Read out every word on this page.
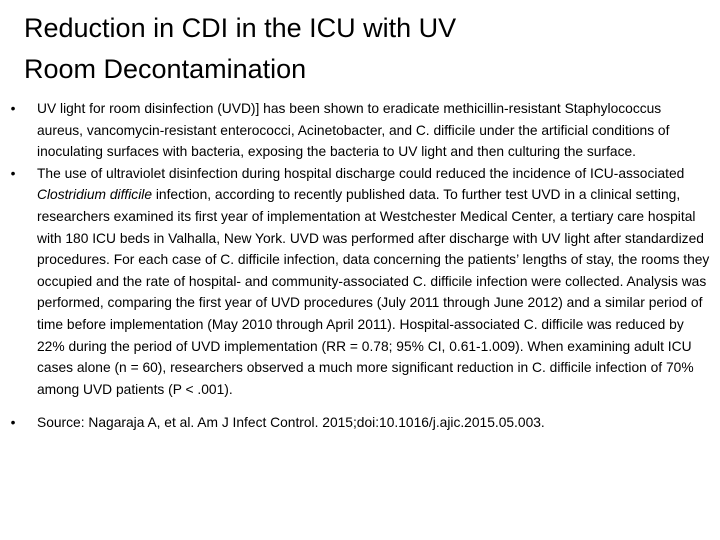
Reduction in CDI in the ICU with UV
Room Decontamination
•	UV light for room disinfection (UVD)] has been shown to eradicate methicillin-resistant Staphylococcus aureus, vancomycin-resistant enterococci, Acinetobacter, and C. difficile under the artificial conditions of inoculating surfaces with bacteria, exposing the bacteria to UV light and then culturing the surface.
•	The use of ultraviolet disinfection during hospital discharge could reduced the incidence of ICU-associated Clostridium difficile infection, according to recently published data. To further test UVD in a clinical setting, researchers examined its first year of implementation at Westchester Medical Center, a tertiary care hospital with 180 ICU beds in Valhalla, New York. UVD was performed after discharge with UV light after standardized procedures. For each case of C. difficile infection, data concerning the patients’ lengths of stay, the rooms they occupied and the rate of hospital- and community-associated C. difficile infection were collected. Analysis was performed, comparing the first year of UVD procedures (July 2011 through June 2012) and a similar period of time before implementation (May 2010 through April 2011). Hospital-associated C. difficile was reduced by 22% during the period of UVD implementation (RR = 0.78; 95% CI, 0.61-1.009). When examining adult ICU cases alone (n = 60), researchers observed a much more significant reduction in C. difficile infection of 70% among UVD patients (P < .001).
•	Source: Nagaraja A, et al. Am J Infect Control. 2015;doi:10.1016/j.ajic.2015.05.003.
